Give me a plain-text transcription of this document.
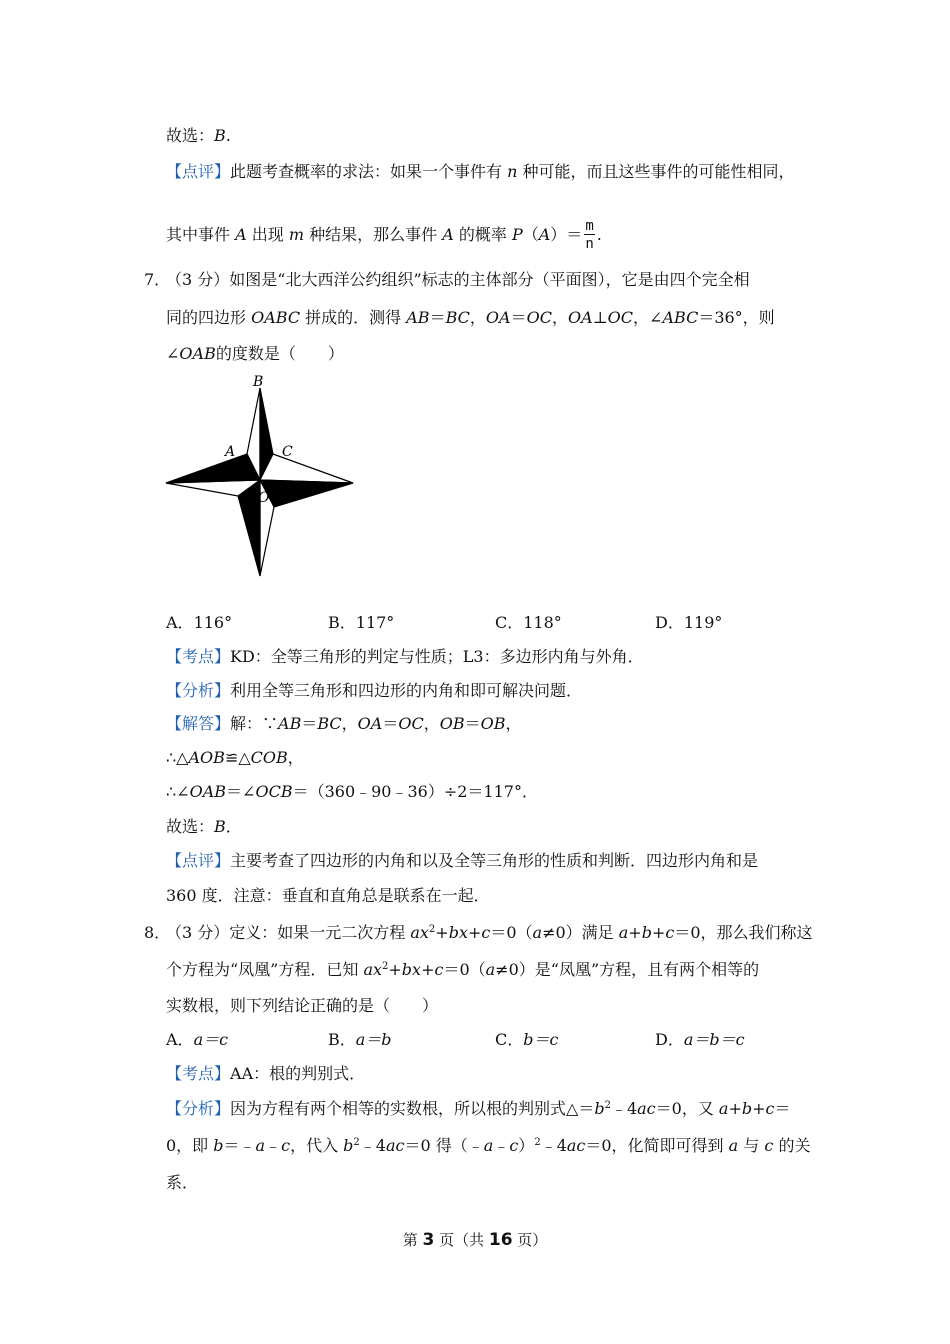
故选：B.
【点评】此题考查概率的求法：如果一个事件有 n 种可能，而且这些事件的可能性相同，
其中事件 A 出现 m 种结果，那么事件 A 的概率 $P(A)= \frac{m}{n}$ .
7．
（3 分）如图是“北大西洋公约组织”标志的主体部分（平面图），它是由四个完全相
同的四边形 OABC 拼成的．测得 AB＝BC，OA＝OC，OA⊥OC，∠ABC＝36°，则
∠OAB的度数是（　　）
B
A	C
O
A．116°	B．117°	C．118°	D．119°
【考点】KD：全等三角形的判定与性质；L3：多边形内角与外角．
【分析】利用全等三角形和四边形的内角和即可解决问题．
【解答】解：∵AB＝BC，OA＝OC，OB＝OB，
∴△AOB≌△COB，
∴∠OAB＝∠OCB＝（360﹣90﹣36）÷2＝117°．
故选：B．
【点评】主要考查了四边形的内角和以及全等三角形的性质和判断．四边形内角和是
360 度．注意：垂直和直角总是联系在一起．
8．
（3 分）定义：如果一元二次方程 $ax^2+bx+c=0(a\ne 0)$满足 a+b+c＝0，那么我们称这
个方程为“凤凰”方程．已知 $ax^2+bx+c=0(a\ne 0)$是“凤凰”方程，且有两个相等的
实数根，则下列结论正确的是（　　）
A．a＝c	B．a＝b	C．b＝c	D．a＝b＝c
【考点】AA：根的判别式．
【分析】因为方程有两个相等的实数根，所以根的判别式$\triangle=b^2﹣4ac=0$，又 a+b+c＝
0，即 b＝﹣a﹣c，代入 $b^2﹣4ac=0$ 得（﹣a﹣c）$^2$﹣4ac＝0，化简即可得到 a 与 c 的关
系．
第 3 页（共 16 页）
